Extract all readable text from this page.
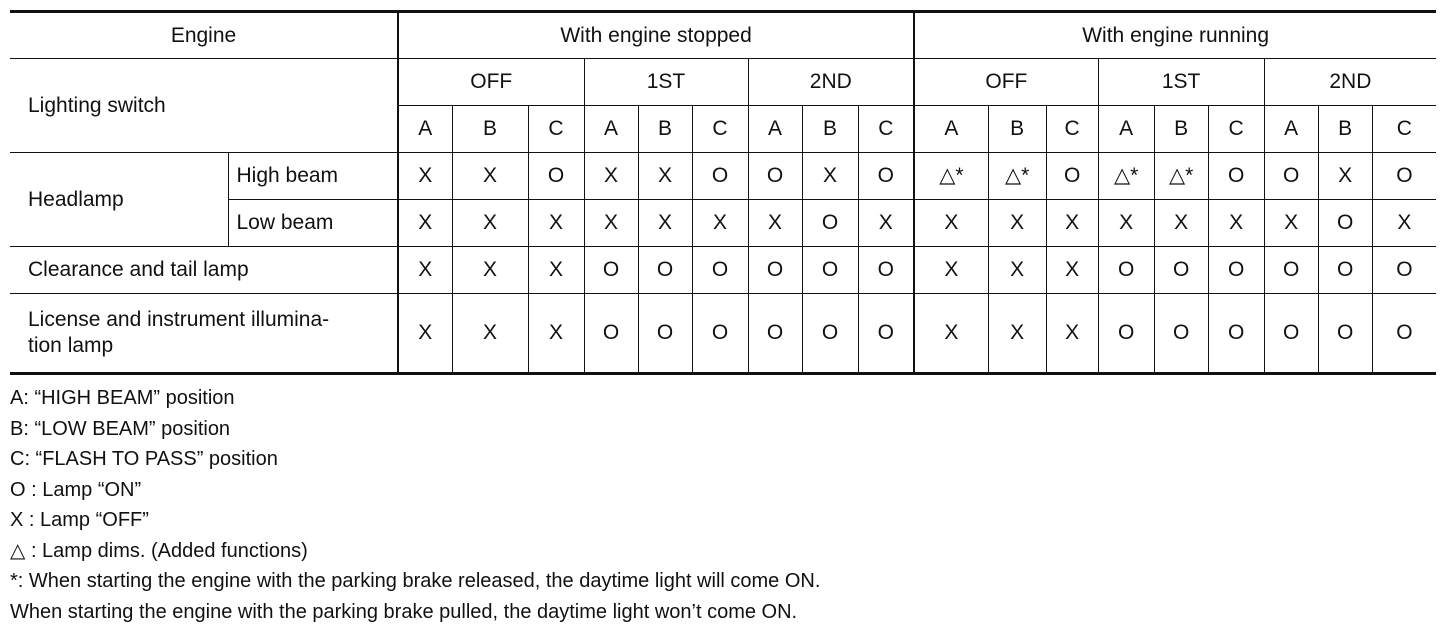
Engine		With engine stopped									With engine running								
Lighting switch		OFF			1ST			2ND			OFF			1ST			2ND		
		A	B	C	A	B	C	A	B	C	A	B	C	A	B	C	A	B	C
Headlamp	High beam	X	X	O	X	X	O	O	X	O	△*	△*	O	△*	△*	O	O	X	O
	Low beam	X	X	X	X	X	X	X	O	X	X	X	X	X	X	X	X	O	X
Clearance and tail lamp		X	X	X	O	O	O	O	O	O	X	X	X	O	O	O	O	O	O

License and instrument illumina-
tion lamp		X	X	X	O	O	O	O	O	O	X	X	X	O	O	O	O	O	O
A: “HIGH BEAM” position
B: “LOW BEAM” position
C: “FLASH TO PASS” position
O : Lamp “ON”
X : Lamp “OFF”
△ : Lamp dims. (Added functions)
*: When starting the engine with the parking brake released, the daytime light will come ON.
When starting the engine with the parking brake pulled, the daytime light won’t come ON.
